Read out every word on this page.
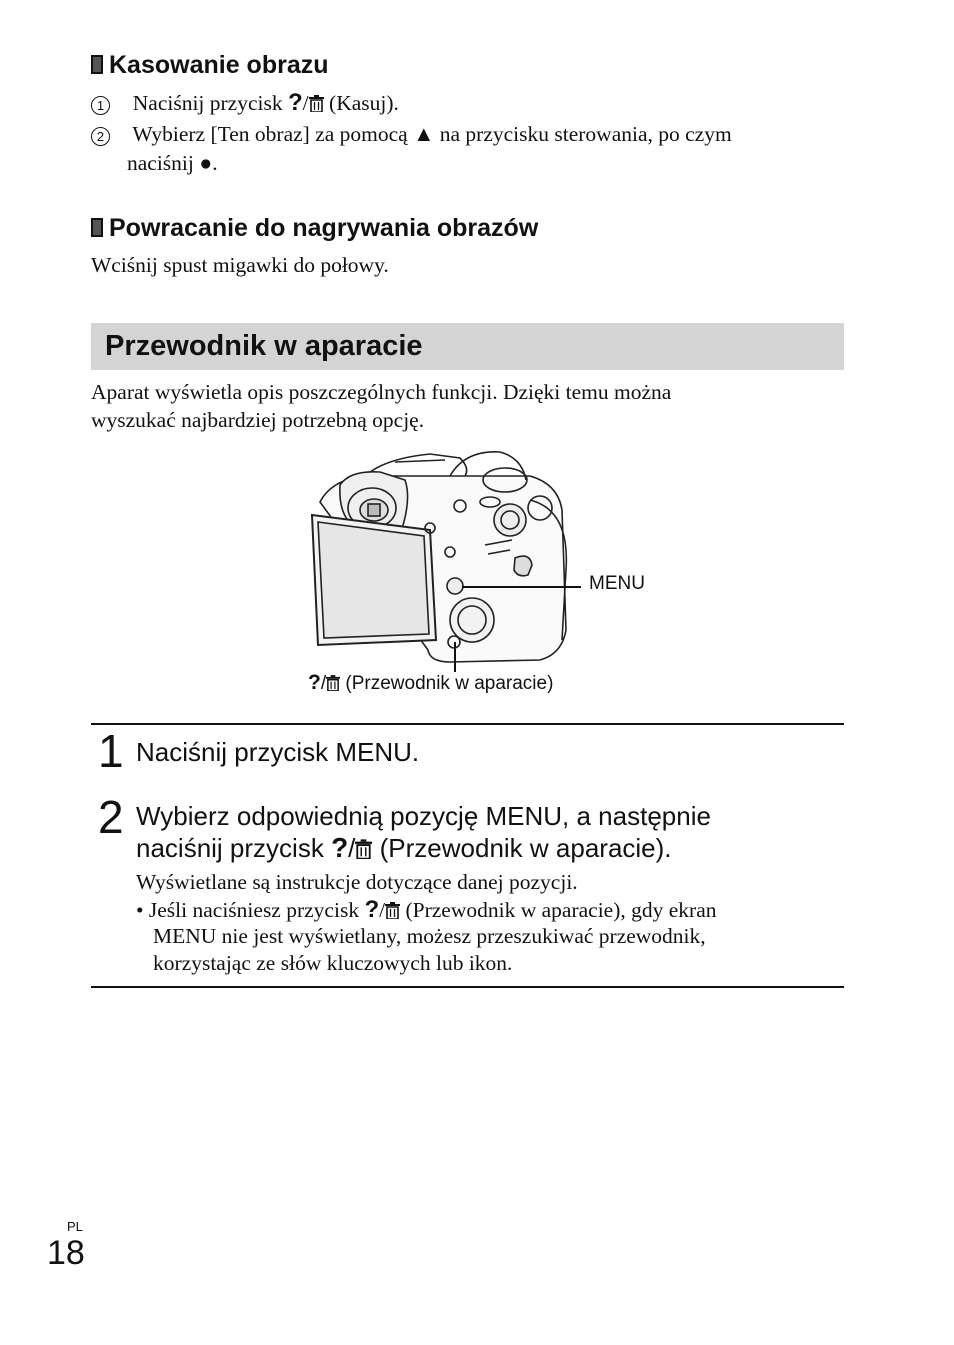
Kasowanie obrazu
1 Naciśnij przycisk ?/ (Kasuj).
2 Wybierz [Ten obraz] za pomocą ▲ na przycisku sterowania, po czym
naciśnij ●.
Powracanie do nagrywania obrazów
Wciśnij spust migawki do połowy.
Przewodnik w aparacie
Aparat wyświetla opis poszczególnych funkcji. Dzięki temu można
wyszukać najbardziej potrzebną opcję.
MENU
?/ (Przewodnik w aparacie)
1 Naciśnij przycisk MENU.
2 Wybierz odpowiednią pozycję MENU, a następnie
naciśnij przycisk ?/ (Przewodnik w aparacie).
Wyświetlane są instrukcje dotyczące danej pozycji.
• Jeśli naciśniesz przycisk ?/ (Przewodnik w aparacie), gdy ekran
MENU nie jest wyświetlany, możesz przeszukiwać przewodnik,
korzystając ze słów kluczowych lub ikon.
PL
18
